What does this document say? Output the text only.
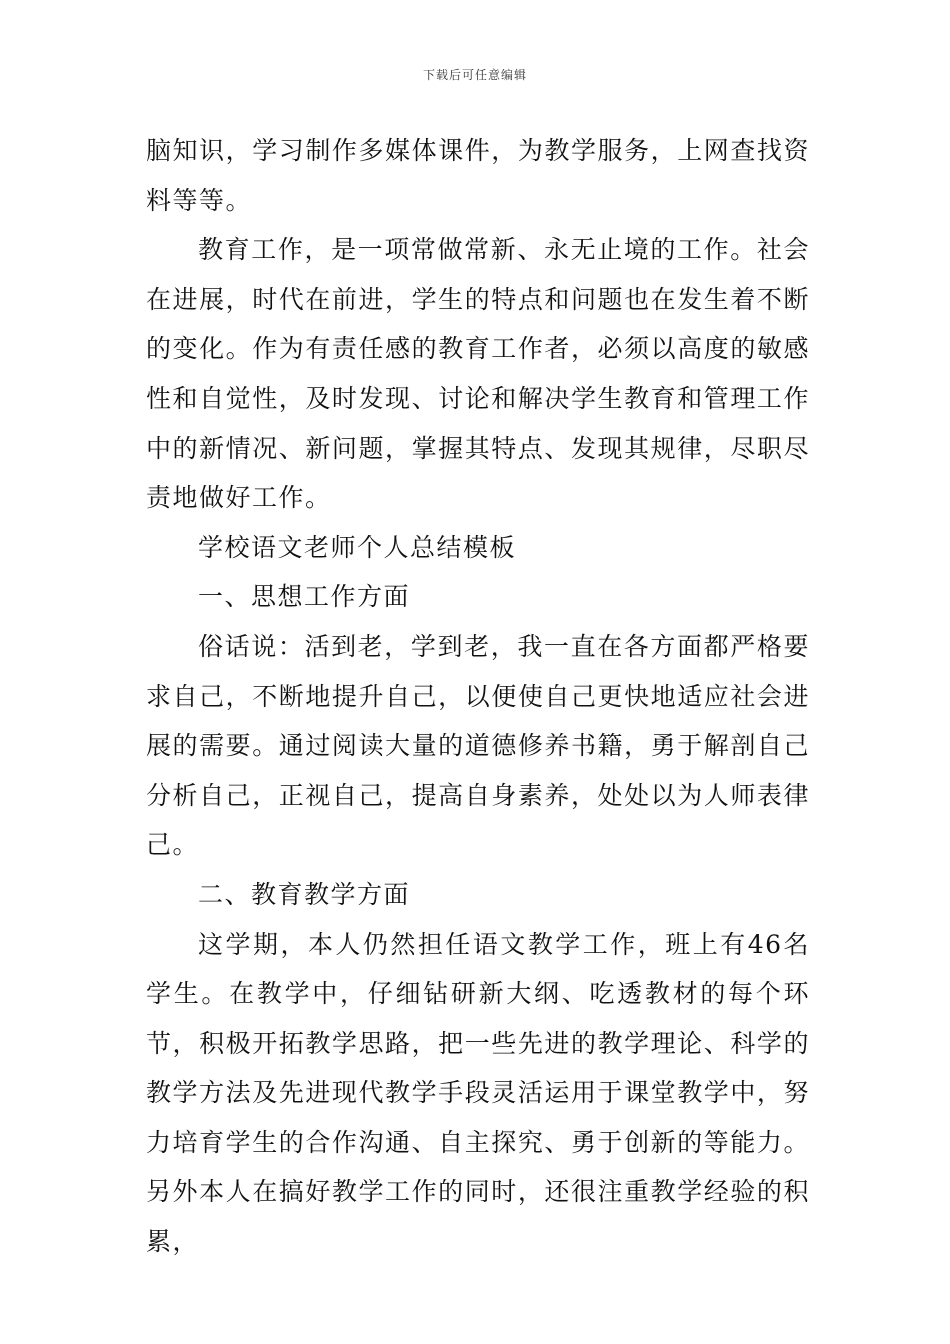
下载后可任意编辑

脑知识，学习制作多媒体课件，为教学服务，上网查找资料等等。

教育工作，是一项常做常新、永无止境的工作。社会在进展，时代在前进，学生的特点和问题也在发生着不断的变化。作为有责任感的教育工作者，必须以高度的敏感性和自觉性，及时发现、讨论和解决学生教育和管理工作中的新情况、新问题，掌握其特点、发现其规律，尽职尽责地做好工作。

学校语文老师个人总结模板

一、思想工作方面

俗话说：活到老，学到老，我一直在各方面都严格要求自己，不断地提升自己，以便使自己更快地适应社会进展的需要。通过阅读大量的道德修养书籍，勇于解剖自己分析自己，正视自己，提高自身素养，处处以为人师表律己。

二、教育教学方面

这学期，本人仍然担任语文教学工作，班上有46名学生。在教学中，仔细钻研新大纲、吃透教材的每个环节，积极开拓教学思路，把一些先进的教学理论、科学的教学方法及先进现代教学手段灵活运用于课堂教学中，努力培育学生的合作沟通、自主探究、勇于创新的等能力。另外本人在搞好教学工作的同时，还很注重教学经验的积累，
